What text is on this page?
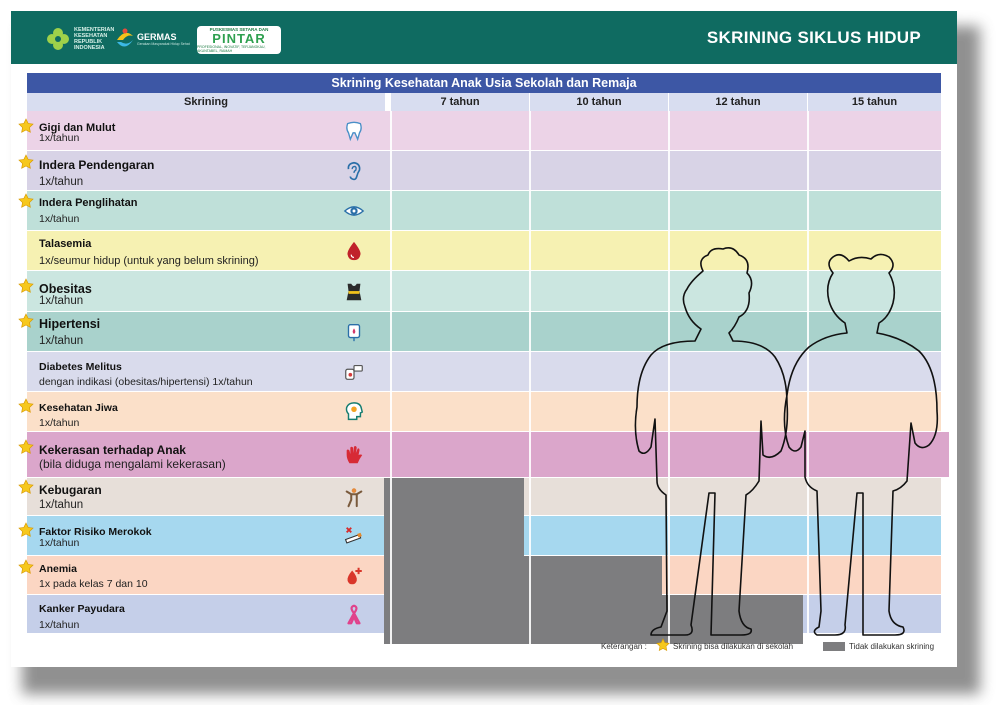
KEMENTERIAN KESEHATAN REPUBLIK INDONESIA
GERMAS
Gerakan Masyarakat Hidup Sehat
PUSKESMAS SETARA DAN
PINTAR
PROFESIONAL, INOVATIF, TERJANGKAU, AKUNTABEL, RAMAH
SKRINING SIKLUS HIDUP
Skrining Kesehatan Anak Usia Sekolah dan Remaja
Skrining	7 tahun	10 tahun	12 tahun	15 tahun
Gigi dan Mulut
1x/tahun
Indera Pendengaran
1x/tahun
Indera Penglihatan
1x/tahun
Talasemia
1x/seumur hidup (untuk yang belum skrining)
Obesitas
1x/tahun
Hipertensi
1x/tahun
Diabetes Melitus
dengan indikasi (obesitas/hipertensi) 1x/tahun
Kesehatan Jiwa
1x/tahun
Kekerasan terhadap Anak
(bila diduga mengalami kekerasan)
Kebugaran
1x/tahun
Faktor Risiko Merokok
1x/tahun
Anemia
1x pada kelas 7 dan 10
Kanker Payudara
1x/tahun
Keterangan :	Skrining bisa dilakukan di sekolah	Tidak dilakukan skrining
